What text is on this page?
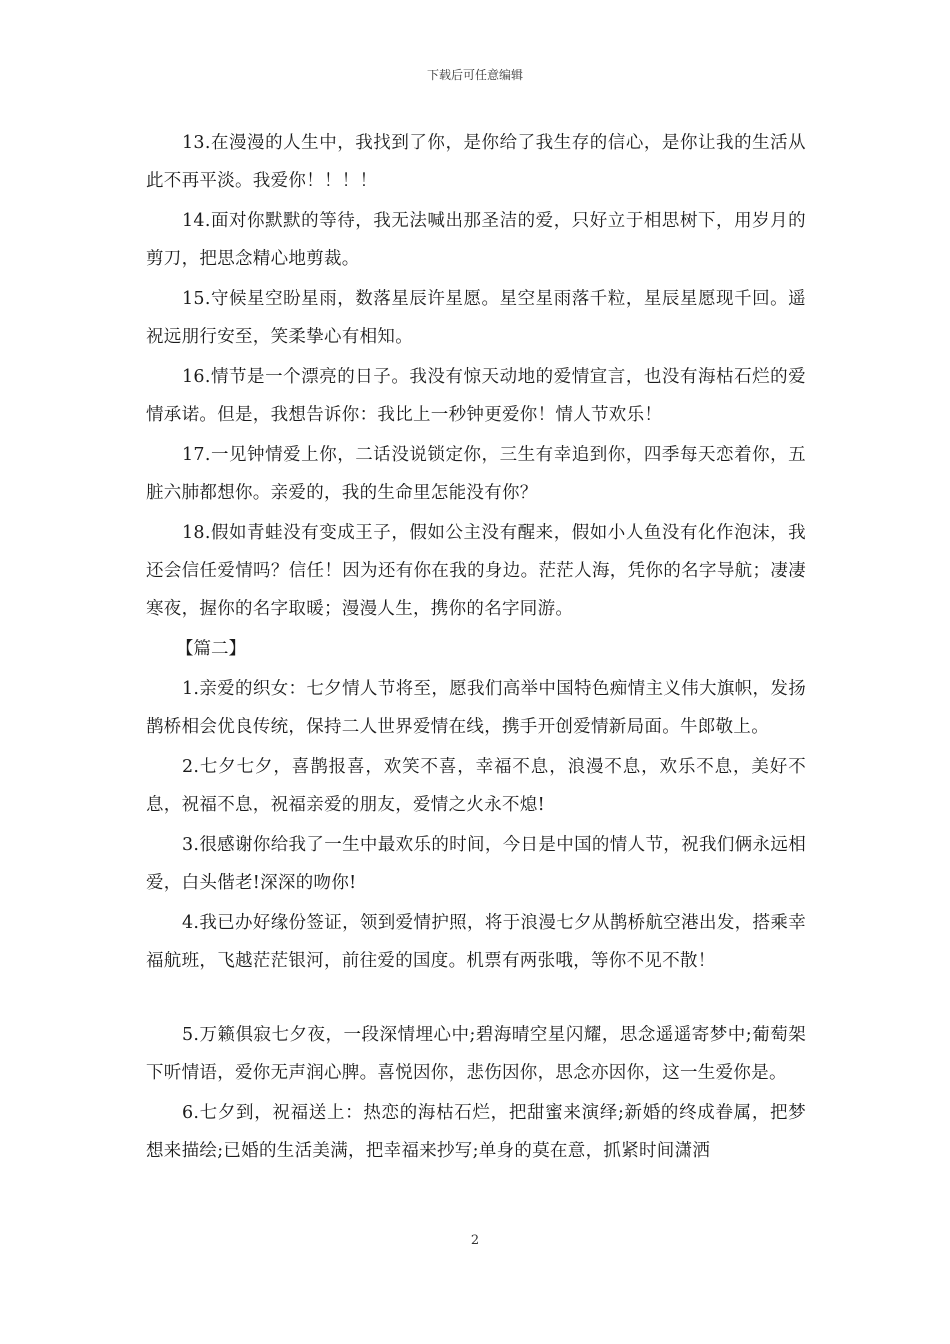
下载后可任意编辑

13.在漫漫的人生中，我找到了你，是你给了我生存的信心，是你让我的生活从此不再平淡。我爱你！！！！

14.面对你默默的等待，我无法喊出那圣洁的爱，只好立于相思树下，用岁月的剪刀，把思念精心地剪裁。

15.守候星空盼星雨，数落星辰许星愿。星空星雨落千粒，星辰星愿现千回。遥祝远朋行安至，笑柔挚心有相知。

16.情节是一个漂亮的日子。我没有惊天动地的爱情宣言，也没有海枯石烂的爱情承诺。但是，我想告诉你：我比上一秒钟更爱你！情人节欢乐！

17.一见钟情爱上你，二话没说锁定你，三生有幸追到你，四季每天恋着你，五脏六肺都想你。亲爱的，我的生命里怎能没有你？

18.假如青蛙没有变成王子，假如公主没有醒来，假如小人鱼没有化作泡沫，我还会信任爱情吗？信任！因为还有你在我的身边。茫茫人海，凭你的名字导航；凄凄寒夜，握你的名字取暖；漫漫人生，携你的名字同游。

【篇二】

1.亲爱的织女：七夕情人节将至，愿我们高举中国特色痴情主义伟大旗帜，发扬鹊桥相会优良传统，保持二人世界爱情在线，携手开创爱情新局面。牛郎敬上。

2.七夕七夕，喜鹊报喜，欢笑不喜，幸福不息，浪漫不息，欢乐不息，美好不息，祝福不息，祝福亲爱的朋友，爱情之火永不熄!

3.很感谢你给我了一生中最欢乐的时间，今日是中国的情人节，祝我们俩永远相爱，白头偕老!深深的吻你!

4.我已办好缘份签证，领到爱情护照，将于浪漫七夕从鹊桥航空港出发，搭乘幸福航班，飞越茫茫银河，前往爱的国度。机票有两张哦，等你不见不散！

5.万籁俱寂七夕夜，一段深情埋心中;碧海晴空星闪耀，思念遥遥寄梦中;葡萄架下听情语，爱你无声润心脾。喜悦因你，悲伤因你，思念亦因你，这一生爱你是。

6.七夕到，祝福送上：热恋的海枯石烂，把甜蜜来演绎;新婚的终成眷属，把梦想来描绘;已婚的生活美满，把幸福来抄写;单身的莫在意，抓紧时间潇洒

2
